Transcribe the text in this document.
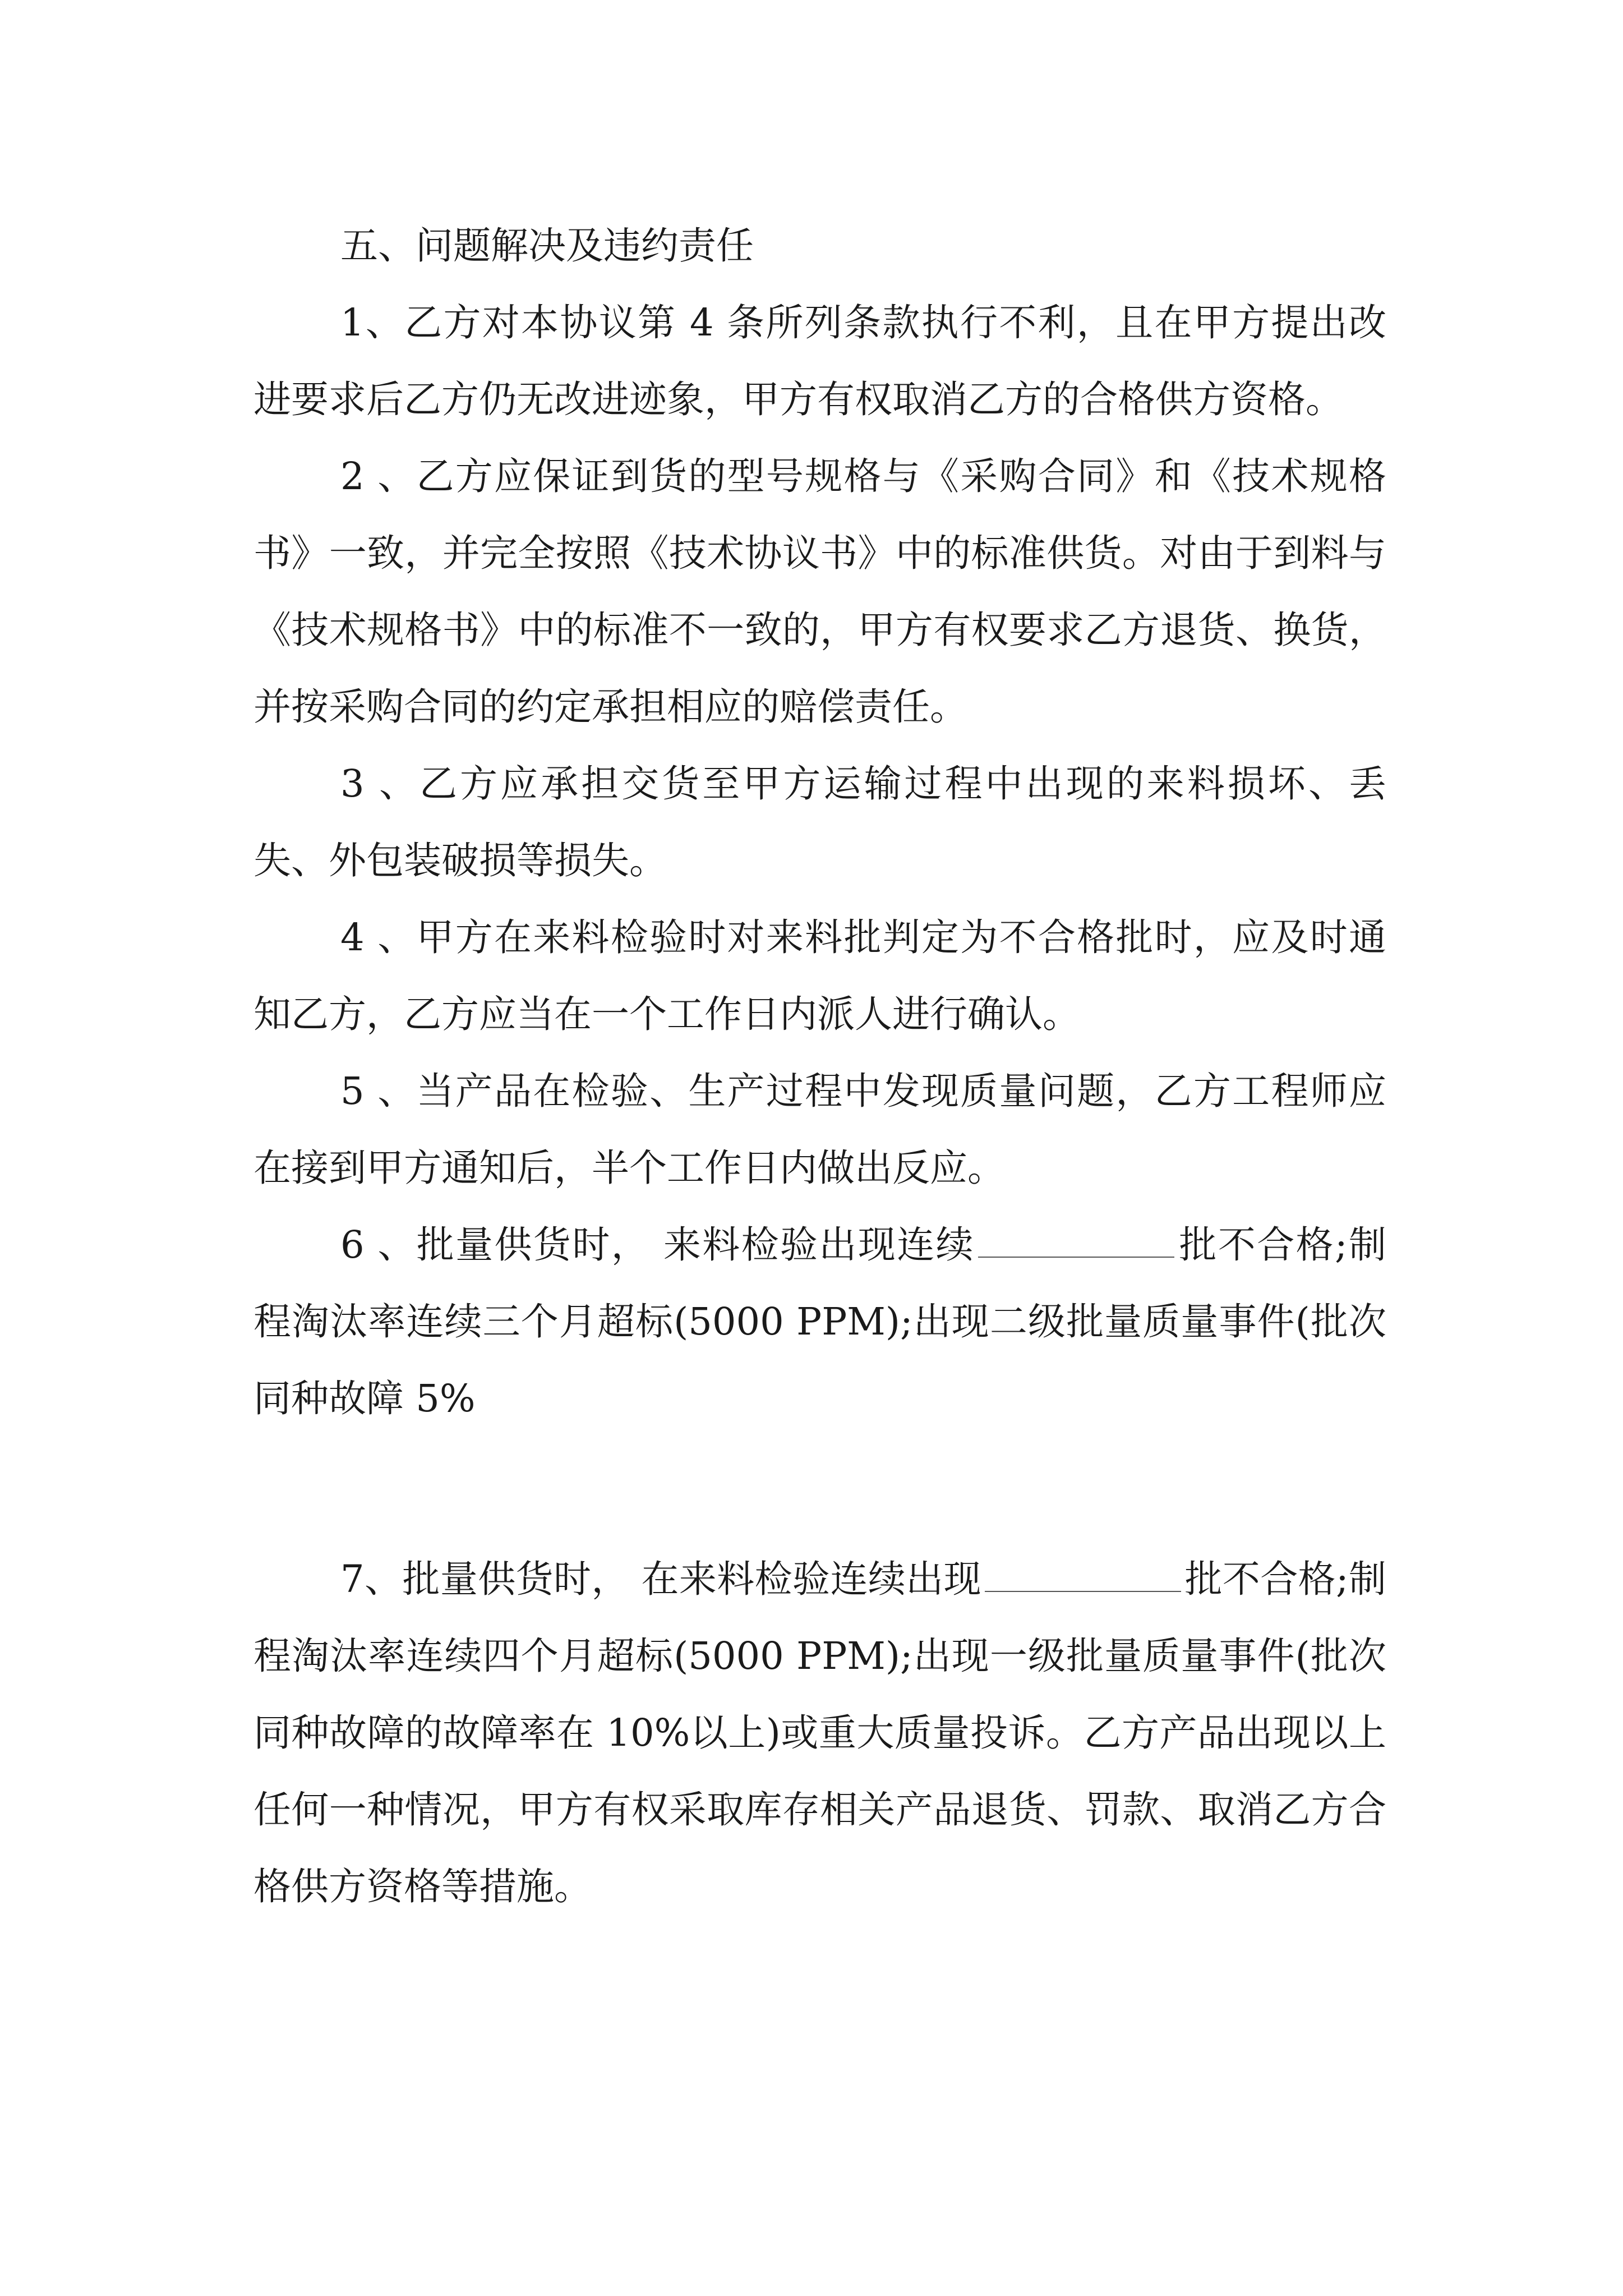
五、问题解决及违约责任

1、乙方对本协议第 4 条所列条款执行不利，且在甲方提出改进要求后乙方仍无改进迹象，甲方有权取消乙方的合格供方资格。

2 、乙方应保证到货的型号规格与《采购合同》和《技术规格书》一致，并完全按照《技术协议书》中的标准供货。对由于到料与《技术规格书》中的标准不一致的，甲方有权要求乙方退货、换货，并按采购合同的约定承担相应的赔偿责任。

3 、乙方应承担交货至甲方运输过程中出现的来料损坏、丢失、外包装破损等损失。

4 、甲方在来料检验时对来料批判定为不合格批时，应及时通知乙方，乙方应当在一个工作日内派人进行确认。

5 、当产品在检验、生产过程中发现质量问题，乙方工程师应在接到甲方通知后，半个工作日内做出反应。

6 、批量供货时， 来料检验出现连续	批不合格;制程淘汰率连续三个月超标(5000 PPM);出现二级批量质量事件(批次同种故障 5%

7、批量供货时， 在来料检验连续出现	批不合格;制程淘汰率连续四个月超标(5000 PPM);出现一级批量质量事件(批次同种故障的故障率在 10%以上)或重大质量投诉。乙方产品出现以上任何一种情况，甲方有权采取库存相关产品退货、罚款、取消乙方合格供方资格等措施。
